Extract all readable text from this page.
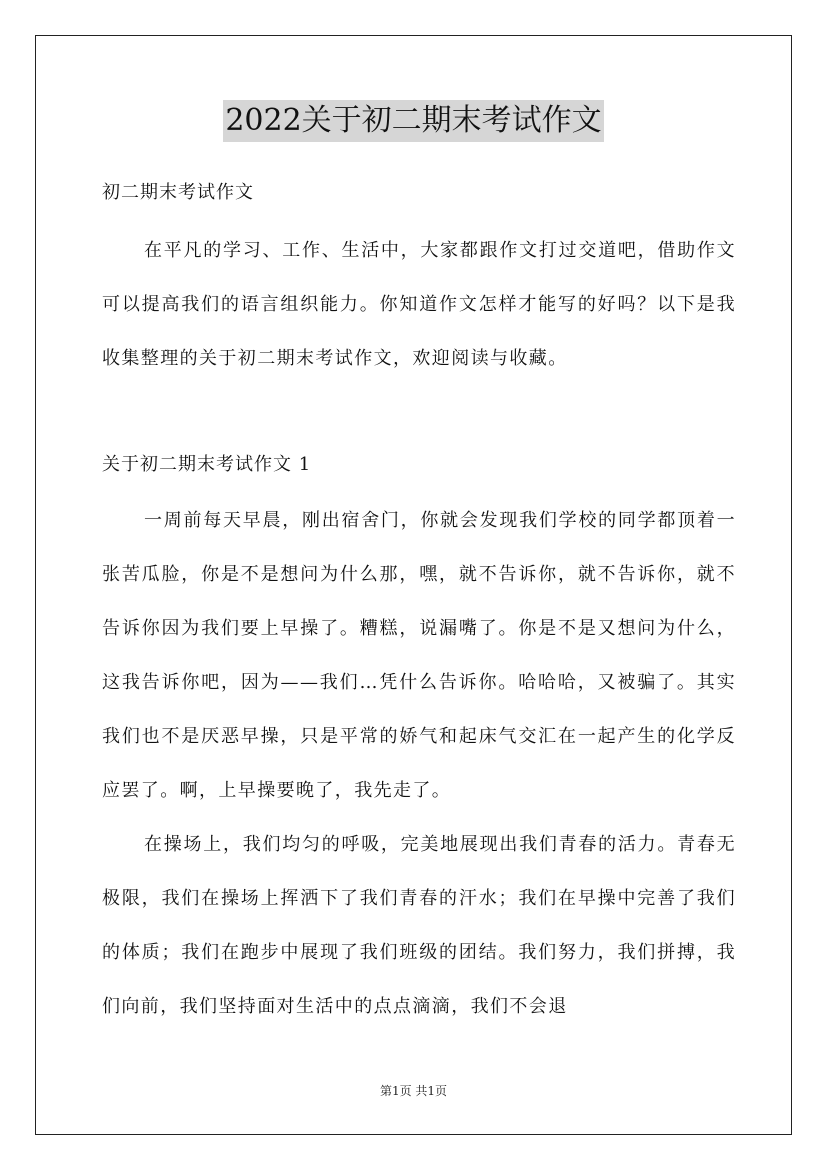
2022关于初二期末考试作文
初二期末考试作文

在平凡的学习、工作、生活中，大家都跟作文打过交道吧，借助作文可以提高我们的语言组织能力。你知道作文怎样才能写的好吗？以下是我收集整理的关于初二期末考试作文，欢迎阅读与收藏。

关于初二期末考试作文 1

一周前每天早晨，刚出宿舍门，你就会发现我们学校的同学都顶着一张苦瓜脸，你是不是想问为什么那，嘿，就不告诉你，就不告诉你，就不告诉你因为我们要上早操了。糟糕，说漏嘴了。你是不是又想问为什么，这我告诉你吧，因为——我们…凭什么告诉你。哈哈哈，又被骗了。其实我们也不是厌恶早操，只是平常的娇气和起床气交汇在一起产生的化学反应罢了。啊，上早操要晚了，我先走了。

在操场上，我们均匀的呼吸，完美地展现出我们青春的活力。青春无极限，我们在操场上挥洒下了我们青春的汗水；我们在早操中完善了我们的体质；我们在跑步中展现了我们班级的团结。我们努力，我们拼搏，我们向前，我们坚持面对生活中的点点滴滴，我们不会退

第1页 共1页
